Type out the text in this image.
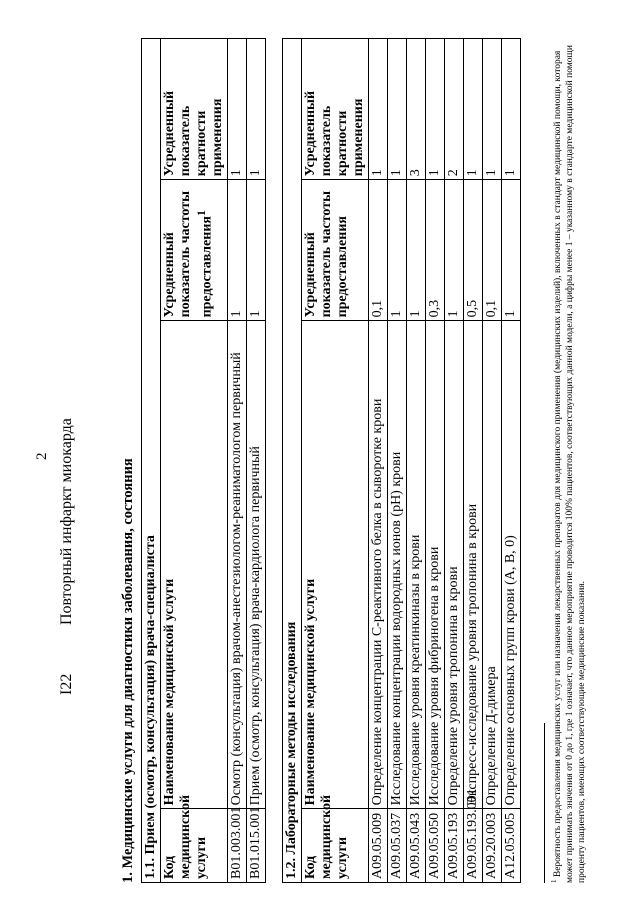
2
I22Повторный инфаркт миокарда	1. Медицинские услуги для диагностики заболевания, состояния 1.1. Прием (осмотр, консультация) врача-специалиста			
Код медицинской услуги	Наименование медицинской услуги	Усредненный показатель частоты предоставления$^1$	Усредненный показатель кратности применения
B01.003.001	Осмотр (консультация) врачом-анестезиологом-реаниматологом первичный	1	1
B01.015.001	Прием (осмотр, консультация) врача-кардиолога первичный	1	1
1.2. Лабораторные методы исследования			
Код медицинской услуги	Наименование медицинской услуги	Усредненный показатель частоты предоставления	Усредненный показатель кратности применения
A09.05.009	Определение концентрации C-реактивного белка в сыворотке крови	0,1	1
A09.05.037	Исследование концентрации водородных ионов (pH) крови	1	1
A09.05.043	Исследование уровня креатинкиназы в крови	1	3
A09.05.050	Исследование уровня фибриногена в крови	0,3	1
A09.05.193	Определение уровня тропонина в крови	1	2
A09.05.193.001	Экспресс-исследование уровня тропонина в крови	0,5	1
A09.20.003	Определение Д-димера	0,1	1
A12.05.005	Определение основных групп крови (A, B, 0)	1	1
$^1$ Вероятность предоставления медицинских услуг или назначения лекарственных препаратов для медицинского применения (медицинских изделий), включенных в стандарт медицинской помощи, которая может принимать значения от 0 до 1, где 1 означает, что данное мероприятие проводится 100% пациентов, соответствующих данной модели, а цифры менее 1 – указанному в стандарте медицинской помощи проценту пациентов, имеющих соответствующие медицинские показания.
